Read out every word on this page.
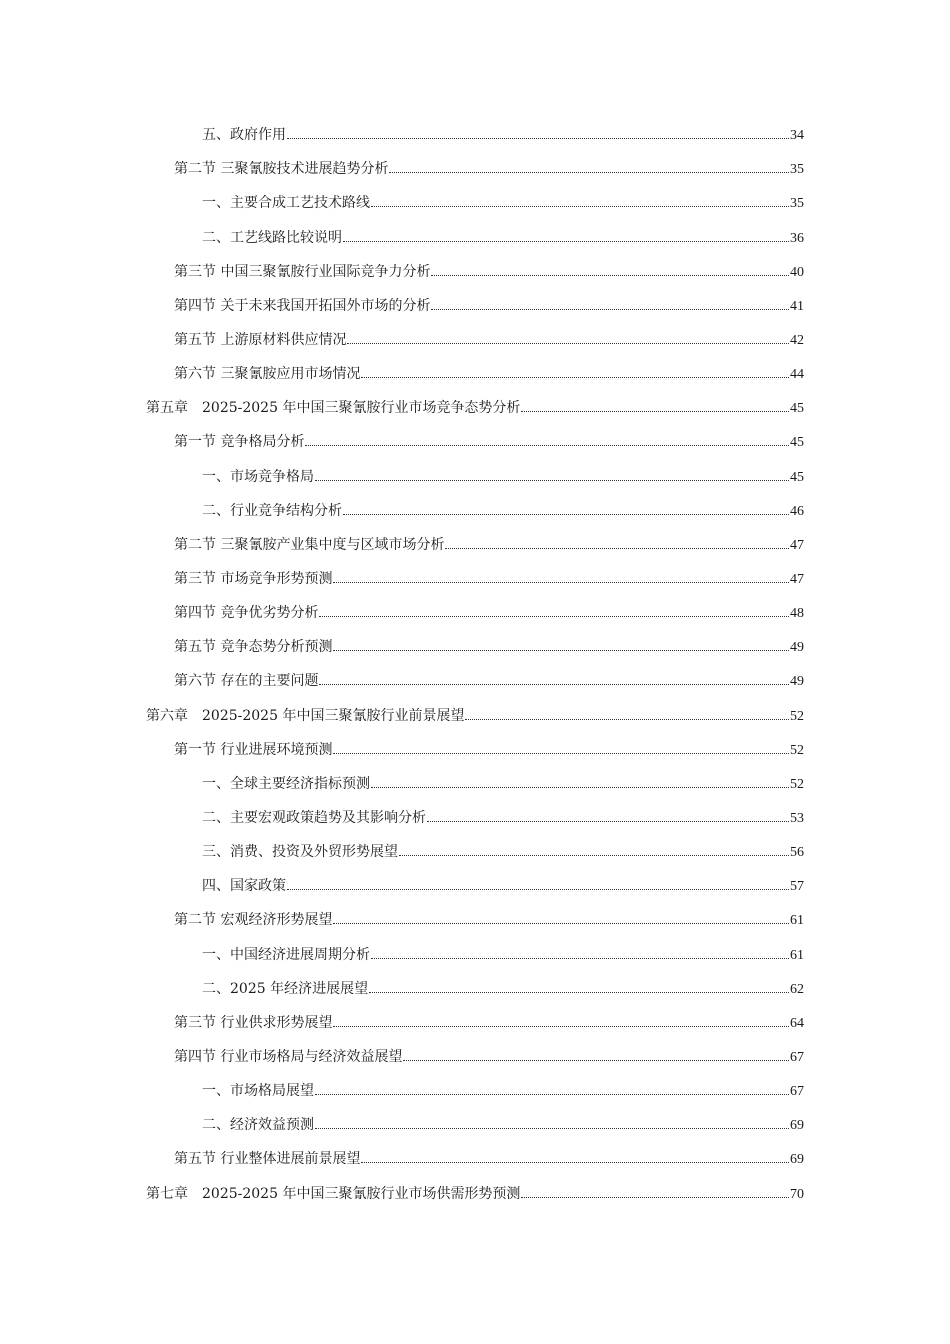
五、政府作用	34
第二节 三聚氰胺技术进展趋势分析	35
一、主要合成工艺技术路线	35
二、工艺线路比较说明	36
第三节 中国三聚氰胺行业国际竞争力分析	40
第四节 关于未来我国开拓国外市场的分析	41
第五节 上游原材料供应情况	42
第六节 三聚氰胺应用市场情况	44
第五章　2025-2025 年中国三聚氰胺行业市场竞争态势分析	45
第一节 竞争格局分析	45
一、市场竞争格局	45
二、行业竞争结构分析	46
第二节 三聚氰胺产业集中度与区域市场分析	47
第三节 市场竞争形势预测	47
第四节 竞争优劣势分析	48
第五节 竞争态势分析预测	49
第六节 存在的主要问题	49
第六章　2025-2025 年中国三聚氰胺行业前景展望	52
第一节 行业进展环境预测	52
一、全球主要经济指标预测	52
二、主要宏观政策趋势及其影响分析	53
三、消费、投资及外贸形势展望	56
四、国家政策	57
第二节 宏观经济形势展望	61
一、中国经济进展周期分析	61
二、2025 年经济进展展望	62
第三节 行业供求形势展望	64
第四节 行业市场格局与经济效益展望	67
一、市场格局展望	67
二、经济效益预测	69
第五节 行业整体进展前景展望	69
第七章　2025-2025 年中国三聚氰胺行业市场供需形势预测	70
